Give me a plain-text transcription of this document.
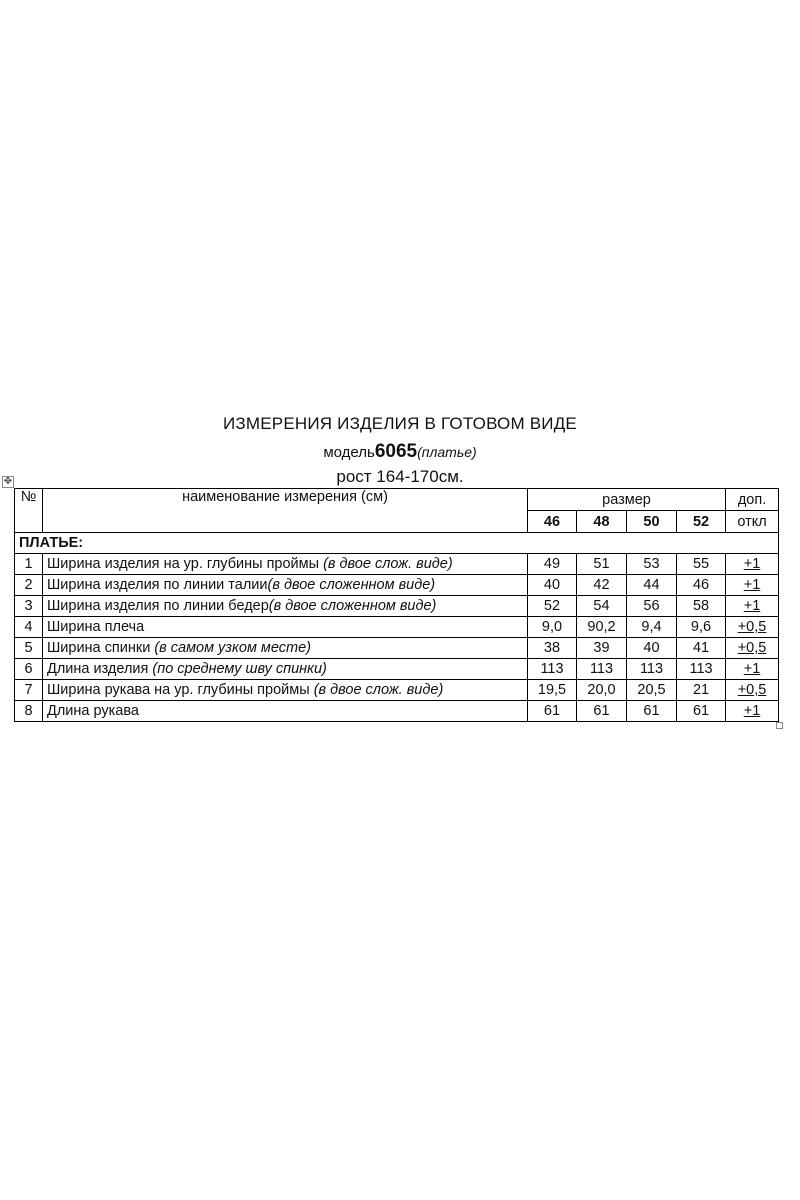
ИЗМЕРЕНИЯ ИЗДЕЛИЯ В ГОТОВОМ ВИДЕ
модель6065(платье)
рост 164-170см.
✥
№	наименование измерения (см)	размер				доп.
		46	48	50	52	откл
ПЛАТЬЕ:						
1	Ширина изделия на ур. глубины проймы (в двое слож. виде)	49	51	53	55	+1
2	Ширина изделия по линии талии(в двое сложенном виде)	40	42	44	46	+1
3	Ширина изделия по линии бедер(в двое сложенном виде)	52	54	56	58	+1
4	Ширина плеча	9,0	90,2	9,4	9,6	+0,5
5	Ширина спинки (в самом узком месте)	38	39	40	41	+0,5
6	Длина изделия (по среднему шву спинки)	113	113	113	113	+1
7	Ширина рукава на ур. глубины проймы (в двое слож. виде)	19,5	20,0	20,5	21	+0,5
8	Длина рукава	61	61	61	61	+1
